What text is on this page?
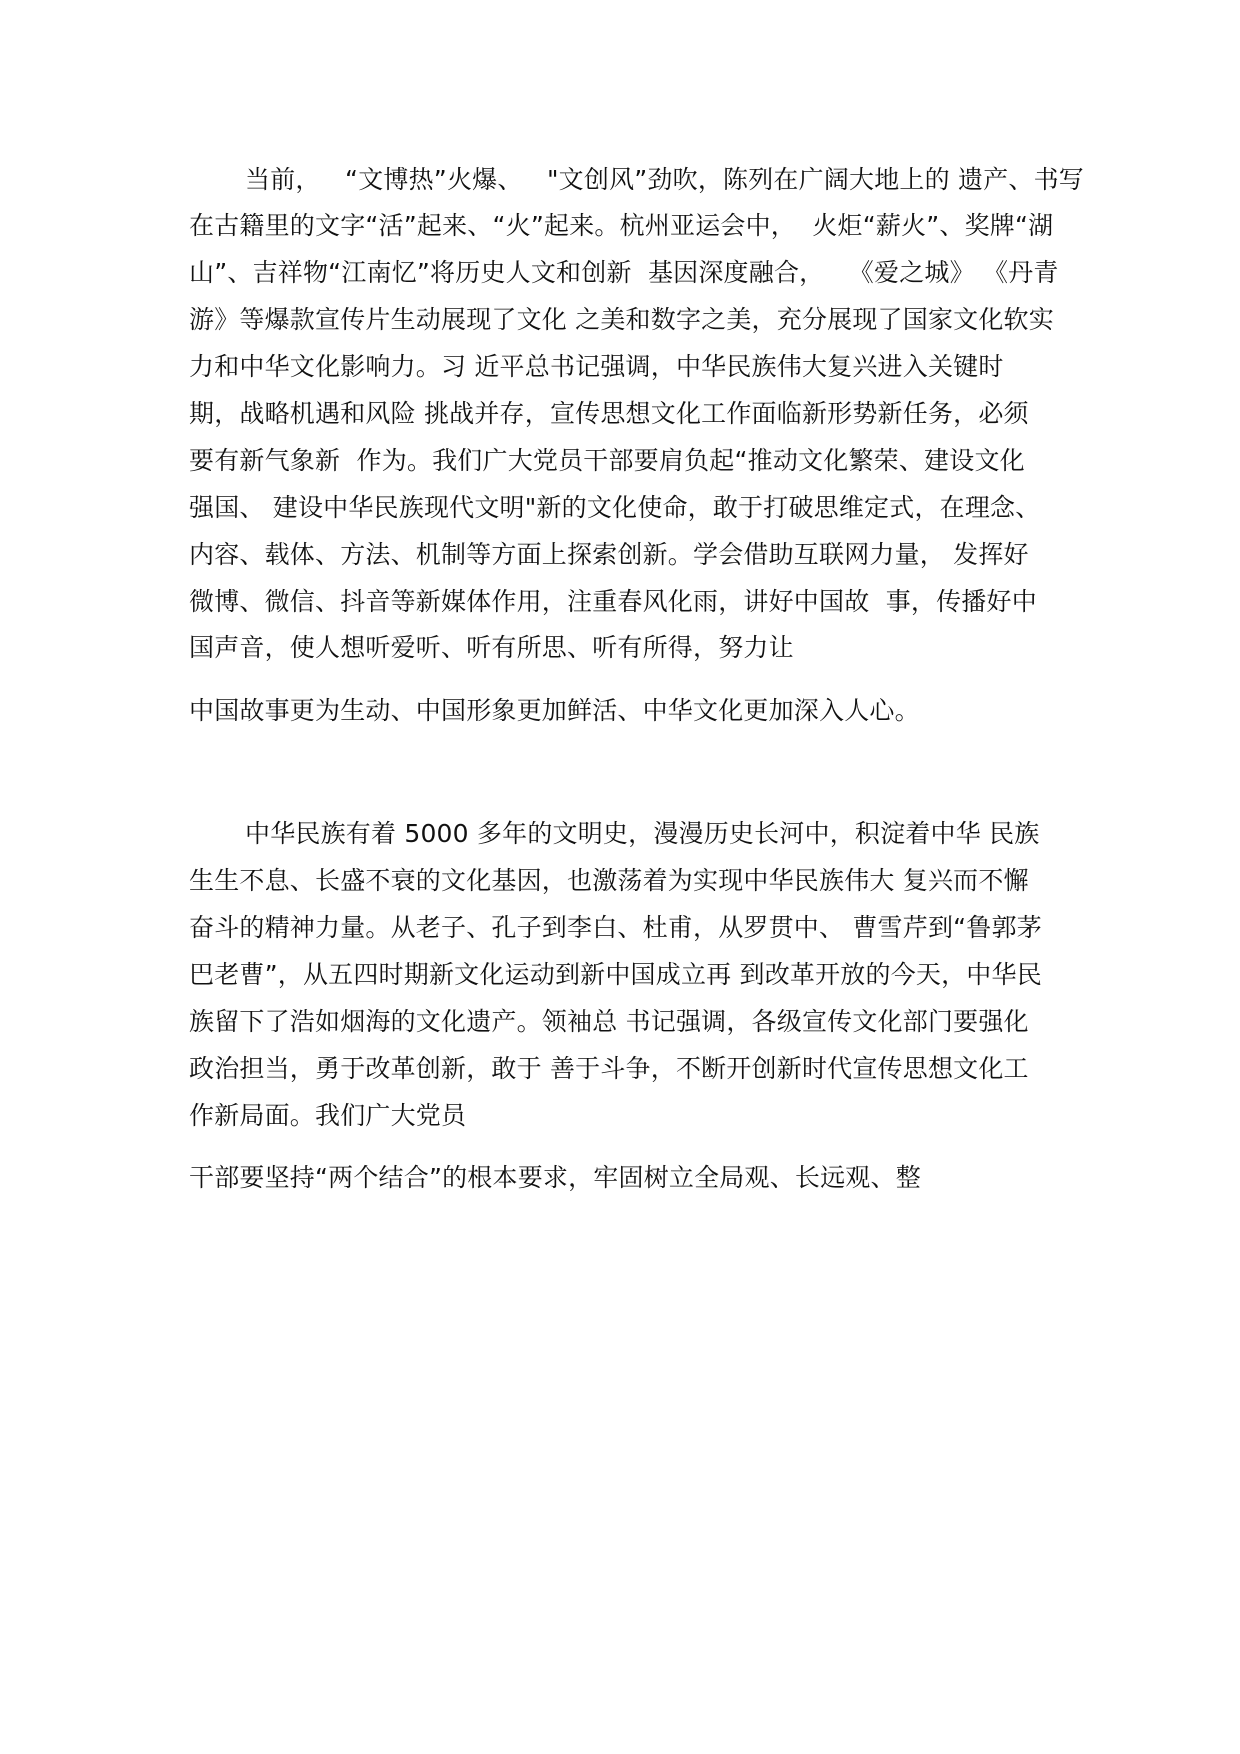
当前，   “文博热”火爆、   "文创风”劲吹，陈列在广阔大地上的 遗产、书写
在古籍里的文字“活”起来、“火”起来。杭州亚运会中，  火炬“薪火”、奖牌“湖
山”、吉祥物“江南忆”将历史人文和创新  基因深度融合，   《爱之城》 《丹青
游》等爆款宣传片生动展现了文化 之美和数字之美，充分展现了国家文化软实
力和中华文化影响力。习 近平总书记强调，中华民族伟大复兴进入关键时
期，战略机遇和风险 挑战并存，宣传思想文化工作面临新形势新任务，必须
要有新气象新  作为。我们广大党员干部要肩负起“推动文化繁荣、建设文化
强国、 建设中华民族现代文明"新的文化使命，敢于打破思维定式，在理念、
内容、载体、方法、机制等方面上探索创新。学会借助互联网力量， 发挥好
微博、微信、抖音等新媒体作用，注重春风化雨，讲好中国故  事，传播好中
国声音，使人想听爱听、听有所思、听有所得，努力让
中国故事更为生动、中国形象更加鲜活、中华文化更加深入人心。
中华民族有着 5000 多年的文明史，漫漫历史长河中，积淀着中华 民族
生生不息、长盛不衰的文化基因，也激荡着为实现中华民族伟大 复兴而不懈
奋斗的精神力量。从老子、孔子到李白、杜甫，从罗贯中、 曹雪芹到“鲁郭茅
巴老曹”，从五四时期新文化运动到新中国成立再 到改革开放的今天，中华民
族留下了浩如烟海的文化遗产。领袖总 书记强调，各级宣传文化部门要强化
政治担当，勇于改革创新，敢于 善于斗争，不断开创新时代宣传思想文化工
作新局面。我们广大党员
干部要坚持“两个结合”的根本要求，牢固树立全局观、长远观、整
